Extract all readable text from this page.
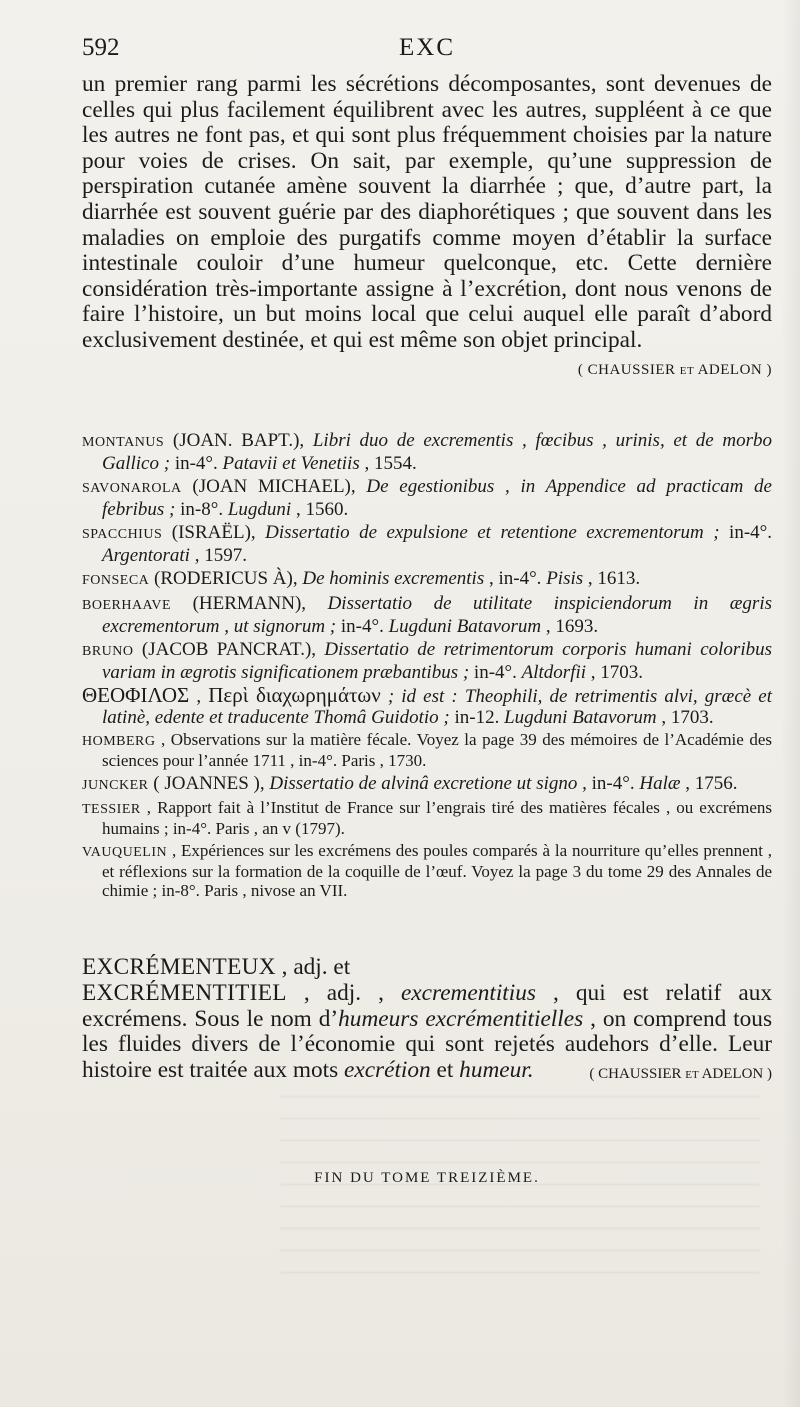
592	EXC
un premier rang parmi les sécrétions décomposantes, sont devenues de celles qui plus facilement équilibrent avec les autres, suppléent à ce que les autres ne font pas, et qui sont plus fréquemment choisies par la nature pour voies de crises. On sait, par exemple, qu’une suppression de perspiration cutanée amène souvent la diarrhée ; que, d’autre part, la diarrhée est souvent guérie par des diaphorétiques ; que souvent dans les maladies on emploie des purgatifs comme moyen d’établir la surface intestinale couloir d’une humeur quelconque, etc. Cette dernière considération très-importante assigne à l’excrétion, dont nous venons de faire l’histoire, un but moins local que celui auquel elle paraît d’abord exclusivement destinée, et qui est même son objet principal.
( CHAUSSIER et ADELON )
MONTANUS (JOAN. BAPT.), Libri duo de excrementis , fœcibus , urinis, et de morbo Gallico ; in-4°. Patavii et Venetiis , 1554.
SAVONAROLA (JOAN MICHAEL), De egestionibus , in Appendice ad practicam de febribus ; in-8°. Lugduni , 1560.
SPACCHIUS (ISRAËL), Dissertatio de expulsione et retentione excrementorum ; in-4°. Argentorati , 1597.
FONSECA (RODERICUS À), De hominis excrementis , in-4°. Pisis , 1613.
BOERHAAVE (HERMANN), Dissertatio de utilitate inspiciendorum in ægris excrementorum , ut signorum ; in-4°. Lugduni Batavorum , 1693.
BRUNO (JACOB PANCRAT.), Dissertatio de retrimentorum corporis humani coloribus variam in ægrotis significationem præbantibus ; in-4°. Altdorfii , 1703.
ΘΕΟΦΙΛΟΣ , Περὶ διαχωρημάτων ; id est : Theophili, de retrimentis alvi, græcè et latinè, edente et traducente Thomâ Guidotio ; in-12. Lugduni Batavorum , 1703.
HOMBERG , Observations sur la matière fécale. Voyez la page 39 des mémoires de l’Académie des sciences pour l’année 1711 , in-4°. Paris , 1730.
JUNCKER ( JOANNES ), Dissertatio de alvinâ excretione ut signo , in-4°. Halæ , 1756.
TESSIER , Rapport fait à l’Institut de France sur l’engrais tiré des matières fécales , ou excrémens humains ; in-4°. Paris , an v (1797).
VAUQUELIN , Expériences sur les excrémens des poules comparés à la nourriture qu’elles prennent , et réflexions sur la formation de la coquille de l’œuf. Voyez la page 3 du tome 29 des Annales de chimie ; in-8°. Paris , nivose an VII.
EXCRÉMENTEUX , adj. et
EXCRÉMENTITIEL , adj. , excrementitius , qui est relatif aux excrémens. Sous le nom d’humeurs excrémentitielles , on comprend tous les fluides divers de l’économie qui sont rejetés audehors d’elle. Leur histoire est traitée aux mots excrétion et humeur.	( CHAUSSIER et ADELON )
FIN DU TOME TREIZIÈME.
